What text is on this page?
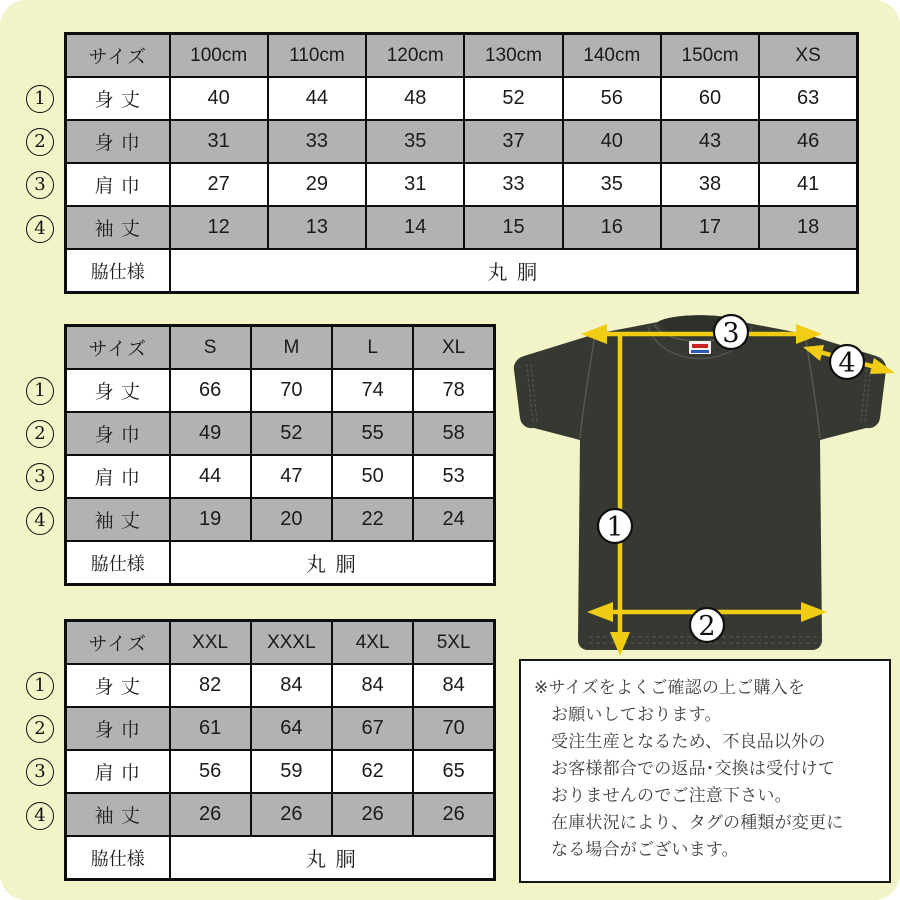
1
2
3
4
1
2
3
4
1
2
3
4
サイズ	100cm	110cm	120cm	130cm	140cm	150cm	XS
身 丈	40	44	48	52	56	60	63
身 巾	31	33	35	37	40	43	46
肩 巾	27	29	31	33	35	38	41
袖 丈	12	13	14	15	16	17	18
脇仕様	丸 胴						
サイズ	S	M	L	XL
身 丈	66	70	74	78
身 巾	49	52	55	58
肩 巾	44	47	50	53
袖 丈	19	20	22	24
脇仕様	丸 胴			
サイズ	XXL	XXXL	4XL	5XL
身 丈	82	84	84	84
身 巾	61	64	67	70
肩 巾	56	59	62	65
袖 丈	26	26	26	26
脇仕様	丸 胴			
1
2
3
4
※サイズをよくご確認の上ご購入を
お願いしております。
受注生産となるため、不良品以外の
お客様都合での返品･交換は受付けて
おりませんのでご注意下さい。
在庫状況により、タグの種類が変更に
なる場合がございます。
